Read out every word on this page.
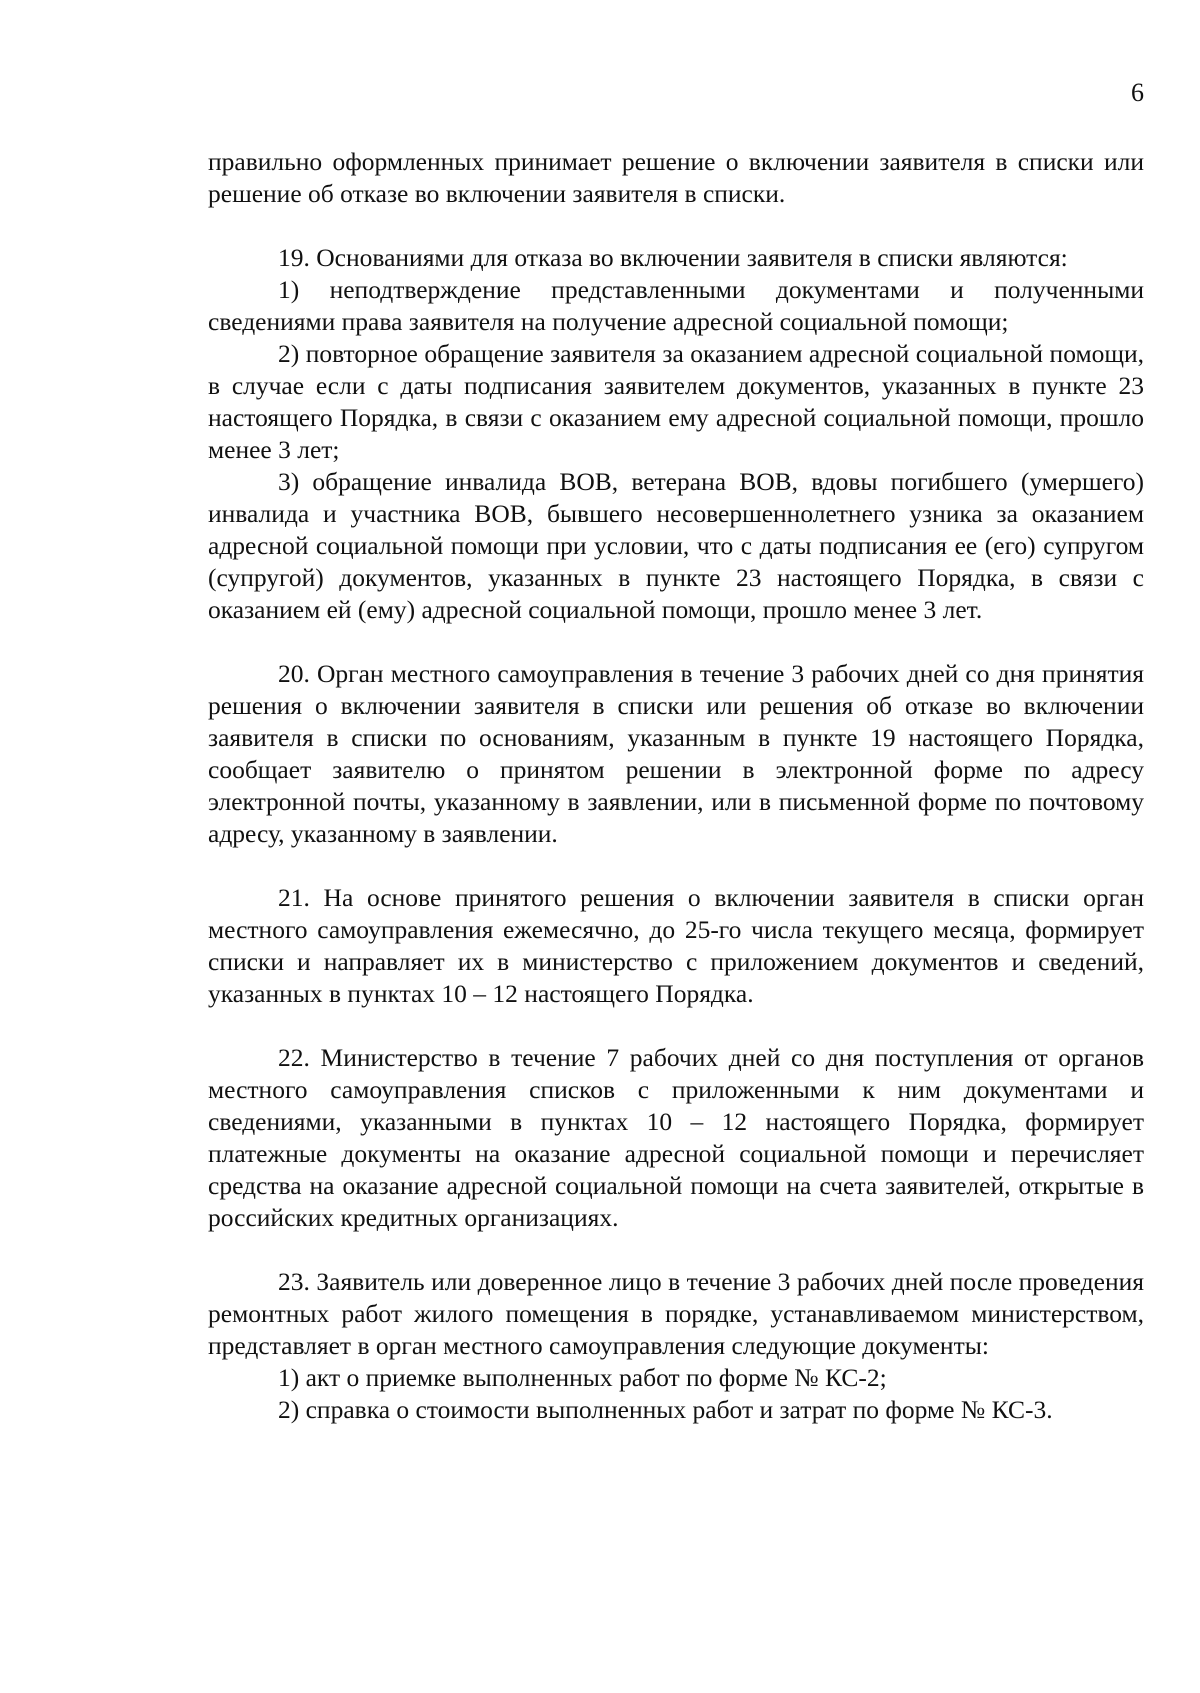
6

правильно оформленных принимает решение о включении заявителя в списки или решение об отказе во включении заявителя в списки.

19. Основаниями для отказа во включении заявителя в списки являются:

1) неподтверждение представленными документами и полученными сведениями права заявителя на получение адресной социальной помощи;

2) повторное обращение заявителя за оказанием адресной социальной помощи, в случае если с даты подписания заявителем документов, указанных в пункте 23 настоящего Порядка, в связи с оказанием ему адресной социальной помощи, прошло менее 3 лет;

3) обращение инвалида ВОВ, ветерана ВОВ, вдовы погибшего (умершего) инвалида и участника ВОВ, бывшего несовершеннолетнего узника за оказанием адресной социальной помощи при условии, что с даты подписания ее (его) супругом (супругой) документов, указанных в пункте 23 настоящего Порядка, в связи с оказанием ей (ему) адресной социальной помощи, прошло менее 3 лет.

20. Орган местного самоуправления в течение 3 рабочих дней со дня принятия решения о включении заявителя в списки или решения об отказе во включении заявителя в списки по основаниям, указанным в пункте 19 настоящего Порядка, сообщает заявителю о принятом решении в электронной форме по адресу электронной почты, указанному в заявлении, или в письменной форме по почтовому адресу, указанному в заявлении.

21. На основе принятого решения о включении заявителя в списки орган местного самоуправления ежемесячно, до 25-го числа текущего месяца, формирует списки и направляет их в министерство с приложением документов и сведений, указанных в пунктах 10 – 12 настоящего Порядка.

22. Министерство в течение 7 рабочих дней со дня поступления от органов местного самоуправления списков с приложенными к ним документами и сведениями, указанными в пунктах 10 – 12 настоящего Порядка, формирует платежные документы на оказание адресной социальной помощи и перечисляет средства на оказание адресной социальной помощи на счета заявителей, открытые в российских кредитных организациях.

23. Заявитель или доверенное лицо в течение 3 рабочих дней после проведения ремонтных работ жилого помещения в порядке, устанавливаемом министерством, представляет в орган местного самоуправления следующие документы:

1) акт о приемке выполненных работ по форме № КС-2;

2) справка о стоимости выполненных работ и затрат по форме № КС-3.
